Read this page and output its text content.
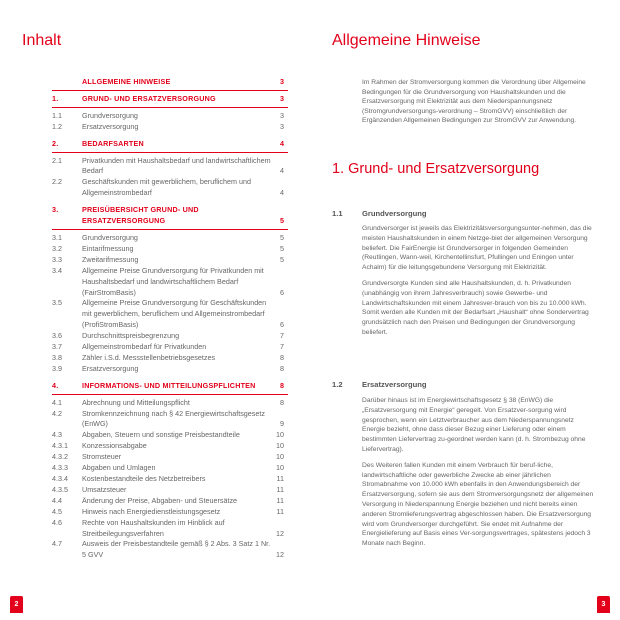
Inhalt
ALLGEMEINE HINWEISE	3
1.	GRUND- UND ERSATZVERSORGUNG	3
1.1	Grundversorgung	3
1.2	Ersatzversorgung	3
2.	BEDARFSARTEN	4
2.1	Privatkunden mit Haushaltsbedarf und landwirtschaftlichem Bedarf	4
2.2	Geschäftskunden mit gewerblichem, beruflichem und Allgemeinstrombedarf	4
3.	PREISÜBERSICHT GRUND- UND ERSATZVERSORGUNG	5
3.1	Grundversorgung	5
3.2	Eintarifmessung	5
3.3	Zweitarifmessung	5
3.4	Allgemeine Preise Grundversorgung für Privatkunden mit Haushaltsbedarf und landwirtschaftlichem Bedarf (FairStromBasis)	6
3.5	Allgemeine Preise Grundversorgung für Geschäftskunden mit gewerblichem, beruflichem und Allgemeinstrombedarf (ProfiStromBasis)	6
3.6	Durchschnittspreisbegrenzung	7
3.7	Allgemeinstrombedarf für Privatkunden	7
3.8	Zähler i.S.d. Messstellenbetriebsgesetzes	8
3.9	Ersatzversorgung	8
4.	INFORMATIONS- UND MITTEILUNGSPFLICHTEN	8
4.1	Abrechnung und Mitteilungspflicht	8
4.2	Stromkennzeichnung nach § 42 Energiewirtschaftsgesetz (EnWG)	9
4.3	Abgaben, Steuern und sonstige Preisbestandteile	10
4.3.1	Konzessionsabgabe	10
4.3.2	Stromsteuer	10
4.3.3	Abgaben und Umlagen	10
4.3.4	Kostenbestandteile des Netzbetreibers	11
4.3.5	Umsatzsteuer	11
4.4	Änderung der Preise, Abgaben- und Steuersätze	11
4.5	Hinweis nach Energiedienstleistungsgesetz	11
4.6	Rechte von Haushaltskunden im Hinblick auf Streitbeilegungsverfahren	12
4.7	Ausweis der Preisbestandteile gemäß § 2 Abs. 3 Satz 1 Nr. 5 GVV	12
2
Allgemeine Hinweise
Im Rahmen der Stromversorgung kommen die Verordnung über Allgemeine Bedingungen für die Grundversorgung von Haushaltskunden und die Ersatzversorgung mit Elektrizität aus dem Niederspannungsnetz (Stromgrundversorgungs-verordnung – StromGVV) einschließlich der Ergänzenden Allgemeinen Bedingungen zur StromGVV zur Anwendung.
1. Grund- und Ersatzversorgung
1.1	Grundversorgung

Grundversorger ist jeweils das Elektrizitätsversorgungsunter-nehmen, das die meisten Haushaltskunden in einem Netzge-biet der allgemeinen Versorgung beliefert. Die FairEnergie ist Grundversorger in folgenden Gemeinden (Reutlingen, Wann-weil, Kirchentellinsfurt, Pfullingen und Eningen unter Achalm) für die leitungsgebundene Versorgung mit Elektrizität.

Grundversorgte Kunden sind alle Haushaltskunden, d. h. Privatkunden (unabhängig von ihrem Jahresverbrauch) sowie Gewerbe- und Landwirtschaftskunden mit einem Jahresver-brauch von bis zu 10.000 kWh. Somit werden alle Kunden mit der Bedarfsart „Haushalt“ ohne Sondervertrag grundsätzlich nach den Preisen und Bedingungen der Grundversorgung beliefert.

1.2	Ersatzversorgung

Darüber hinaus ist im Energiewirtschaftsgesetz § 38 (EnWG) die „Ersatzversorgung mit Energie“ geregelt. Von Ersatzver-sorgung wird gesprochen, wenn ein Letztverbraucher aus dem Niederspannungsnetz Energie bezieht, ohne dass dieser Bezug einer Lieferung oder einem bestimmten Liefervertrag zu-geordnet werden kann (d. h. Strombezug ohne Liefervertrag).

Des Weiteren fallen Kunden mit einem Verbrauch für beruf-liche, landwirtschaftliche oder gewerbliche Zwecke ab einer jährlichen Stromabnahme von 10.000 kWh ebenfalls in den Anwendungsbereich der Ersatzversorgung, sofern sie aus dem Stromversorgungsnetz der allgemeinen Versorgung in Niederspannung Energie beziehen und nicht bereits einen anderen Stromlieferungsvertrag abgeschlossen haben. Die Ersatzversorgung wird vom Grundversorger durchgeführt. Sie endet mit Aufnahme der Energielieferung auf Basis eines Ver-sorgungsvertrages, spätestens jedoch 3 Monate nach Beginn.

3
